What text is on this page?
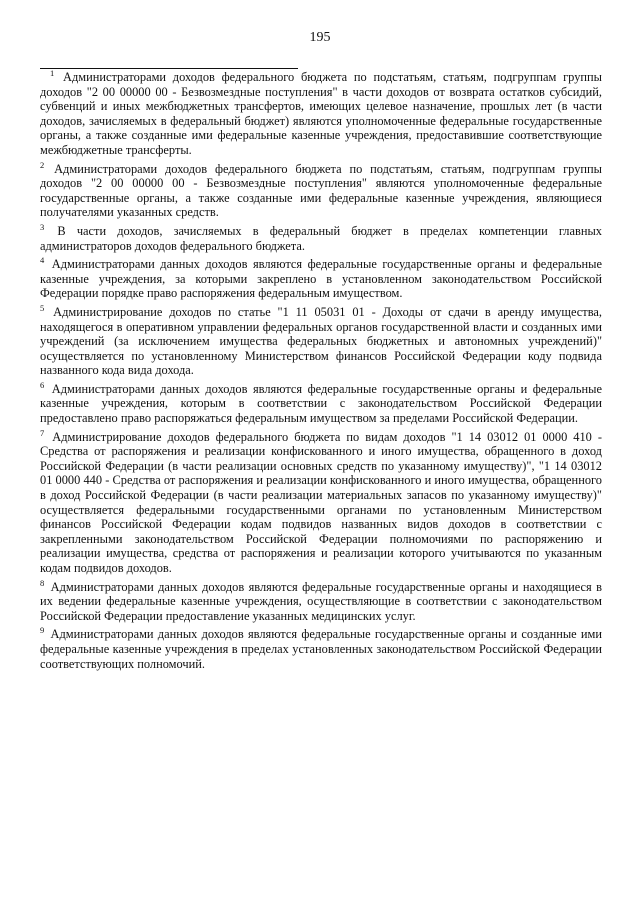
195

$^1$ Администраторами доходов федерального бюджета по подстатьям, статьям, подгруппам группы доходов "2 00 00000 00 - Безвозмездные поступления" в части доходов от возврата остатков субсидий, субвенций и иных межбюджетных трансфертов, имеющих целевое назначение, прошлых лет (в части доходов, зачисляемых в федеральный бюджет) являются уполномоченные федеральные государственные органы, а также созданные ими федеральные казенные учреждения, предоставившие соответствующие межбюджетные трансферты.

$^2$ Администраторами доходов федерального бюджета по подстатьям, статьям, подгруппам группы доходов "2 00 00000 00 - Безвозмездные поступления" являются уполномоченные федеральные государственные органы, а также созданные ими федеральные казенные учреждения, являющиеся получателями указанных средств.

$^3$ В части доходов, зачисляемых в федеральный бюджет в пределах компетенции главных администраторов доходов федерального бюджета.

$^4$ Администраторами данных доходов являются федеральные государственные органы и федеральные казенные учреждения, за которыми закреплено в установленном законодательством Российской Федерации порядке право распоряжения федеральным имуществом.

$^5$ Администрирование доходов по статье "1 11 05031 01 - Доходы от сдачи в аренду имущества, находящегося в оперативном управлении федеральных органов государственной власти и созданных ими учреждений (за исключением имущества федеральных бюджетных и автономных учреждений)" осуществляется по установленному Министерством финансов Российской Федерации коду подвида названного кода вида дохода.

$^6$ Администраторами данных доходов являются федеральные государственные органы и федеральные казенные учреждения, которым в соответствии с законодательством Российской Федерации предоставлено право распоряжаться федеральным имуществом за пределами Российской Федерации.

$^7$ Администрирование доходов федерального бюджета по видам доходов "1 14 03012 01 0000 410 - Средства от распоряжения и реализации конфискованного и иного имущества, обращенного в доход Российской Федерации (в части реализации основных средств по указанному имуществу)", "1 14 03012 01 0000 440 - Средства от распоряжения и реализации конфискованного и иного имущества, обращенного в доход Российской Федерации (в части реализации материальных запасов по указанному имуществу)" осуществляется федеральными государственными органами по установленным Министерством финансов Российской Федерации кодам подвидов названных видов доходов в соответствии с закрепленными законодательством Российской Федерации полномочиями по распоряжению и реализации имущества, средства от распоряжения и реализации которого учитываются по указанным кодам подвидов доходов.

$^8$ Администраторами данных доходов являются федеральные государственные органы и находящиеся в их ведении федеральные казенные учреждения, осуществляющие в соответствии с законодательством Российской Федерации предоставление указанных медицинских услуг.

$^9$ Администраторами данных доходов являются федеральные государственные органы и созданные ими федеральные казенные учреждения в пределах установленных законодательством Российской Федерации соответствующих полномочий.
